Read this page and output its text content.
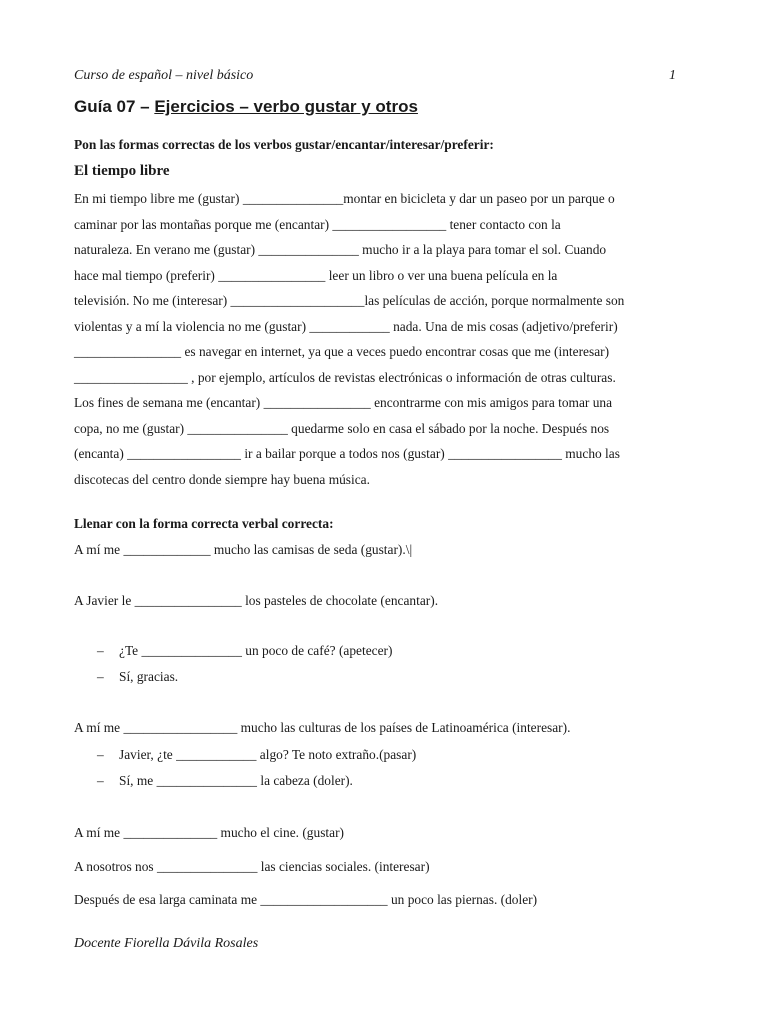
Curso de español – nivel básico	1
Guía 07 – Ejercicios – verbo gustar y otros
Pon las formas correctas de los verbos gustar/encantar/interesar/preferir:
El tiempo libre
En mi tiempo libre me (gustar) _______________montar en bicicleta y dar un paseo por un parque o
caminar por las montañas porque me (encantar) _________________ tener contacto con la
naturaleza. En verano me (gustar) _______________ mucho ir a la playa para tomar el sol. Cuando
hace mal tiempo (preferir) ________________ leer un libro o ver una buena película en la
televisión. No me (interesar) ____________________las películas de acción, porque normalmente son
violentas y a mí la violencia no me (gustar) ____________ nada. Una de mis cosas (adjetivo/preferir)
________________ es navegar en internet, ya que a veces puedo encontrar cosas que me (interesar)
_________________ , por ejemplo, artículos de revistas electrónicas o información de otras culturas.
Los fines de semana me (encantar) ________________ encontrarme con mis amigos para tomar una
copa, no me (gustar) _______________ quedarme solo en casa el sábado por la noche. Después nos
(encanta) _________________ ir a bailar porque a todos nos (gustar) _________________ mucho las
discotecas del centro donde siempre hay buena música.
Llenar con la forma correcta verbal correcta:
A mí me _____________ mucho las camisas de seda (gustar).\|
A Javier le ________________ los pasteles de chocolate (encantar).
– ¿Te _______________ un poco de café? (apetecer)
– Sí, gracias.
A mí me _________________ mucho las culturas de los países de Latinoamérica (interesar).
– Javier, ¿te ____________ algo? Te noto extraño.(pasar)
– Sí, me _______________ la cabeza (doler).
A mí me ______________ mucho el cine. (gustar)
A nosotros nos _______________ las ciencias sociales. (interesar)
Después de esa larga caminata me ___________________ un poco las piernas. (doler)
Docente Fiorella Dávila Rosales
